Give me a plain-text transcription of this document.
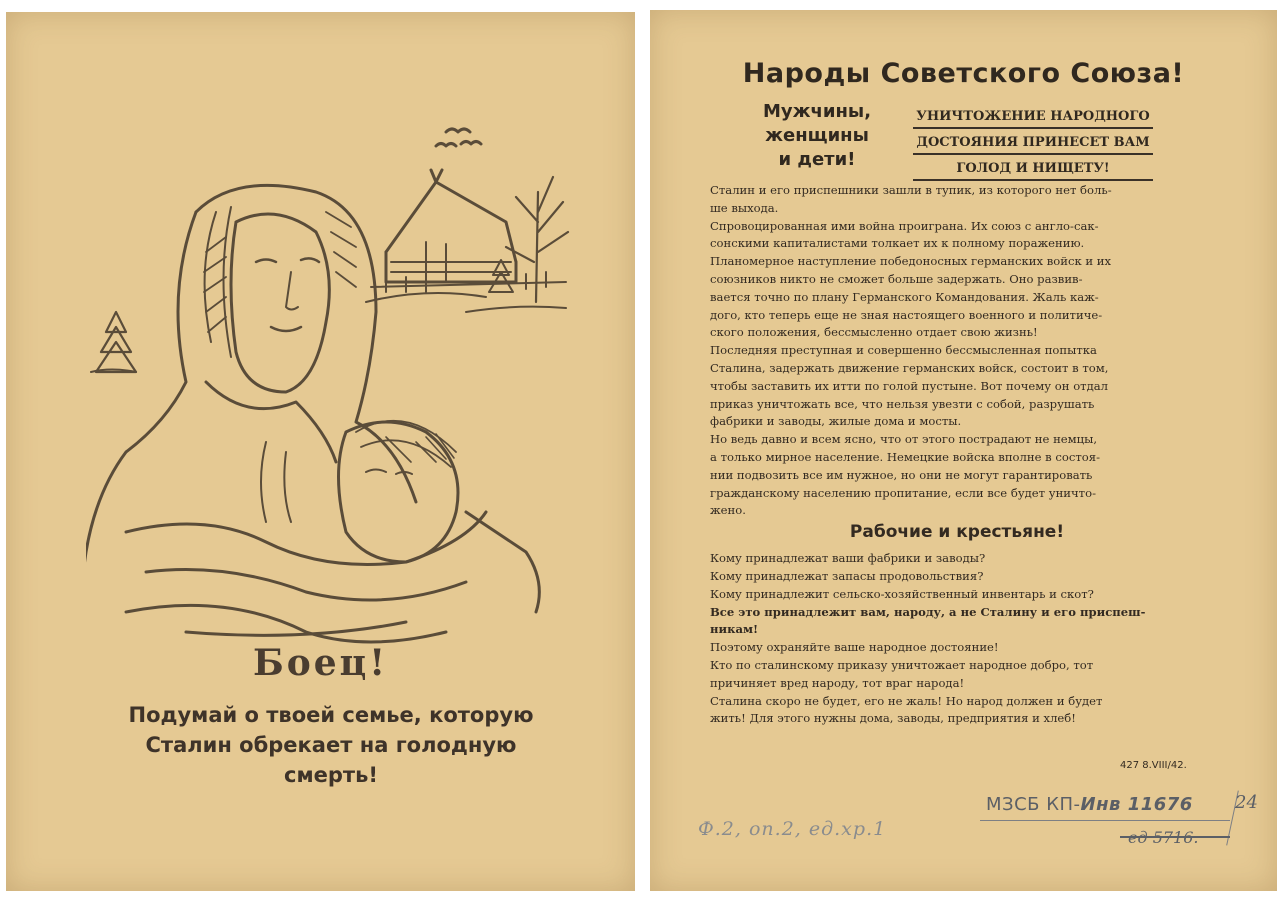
Боец!
Подумай о твоей семье, которую
Сталин обрекает на голодную
смерть!
Народы Советского Союза!
Мужчины,
женщины
и дети!
УНИЧТОЖЕНИЕ НАРОДНОГО
ДОСТОЯНИЯ ПРИНЕСЕТ ВАМ
ГОЛОД И НИЩЕТУ!

Сталин и его приспешники зашли в тупик, из которого нет боль-

ше выхода.

Спровоцированная ими война проиграна. Их союз с англо-сак-

сонскими капиталистами толкает их к полному поражению.

Планомерное наступление победоносных германских войск и их

союзников никто не сможет больше задержать. Оно развив-

вается точно по плану Германского Командования. Жаль каж-

дого, кто теперь еще не зная настоящего военного и политиче-

ского положения, бессмысленно отдает свою жизнь!

Последняя преступная и совершенно бессмысленная попытка

Сталина, задержать движение германских войск, состоит в том,

чтобы заставить их итти по голой пустыне. Вот почему он отдал

приказ уничтожать все, что нельзя увезти с собой, разрушать

фабрики и заводы, жилые дома и мосты.

Но ведь давно и всем ясно, что от этого пострадают не немцы,

а только мирное население. Немецкие войска вполне в состоя-

нии подвозить все им нужное, но они не могут гарантировать

гражданскому населению пропитание, если все будет уничто-

жено.

Рабочие и крестьяне!

Кому принадлежат ваши фабрики и заводы?

Кому принадлежат запасы продовольствия?

Кому принадлежит сельско-хозяйственный инвентарь и скот?

Все это принадлежит вам, народу, а не Сталину и его приспеш-

никам!

Поэтому охраняйте ваше народное достояние!

Кто по сталинскому приказу уничтожает народное добро, тот

причиняет вред народу, тот враг народа!

Сталина скоро не будет, его не жаль! Но народ должен и будет

жить! Для этого нужны дома, заводы, предприятия и хлеб!

427 8.VIII/42.
Ф.2, оп.2, ед.хр.1
МЗСБ КП-Инв 11676 24
